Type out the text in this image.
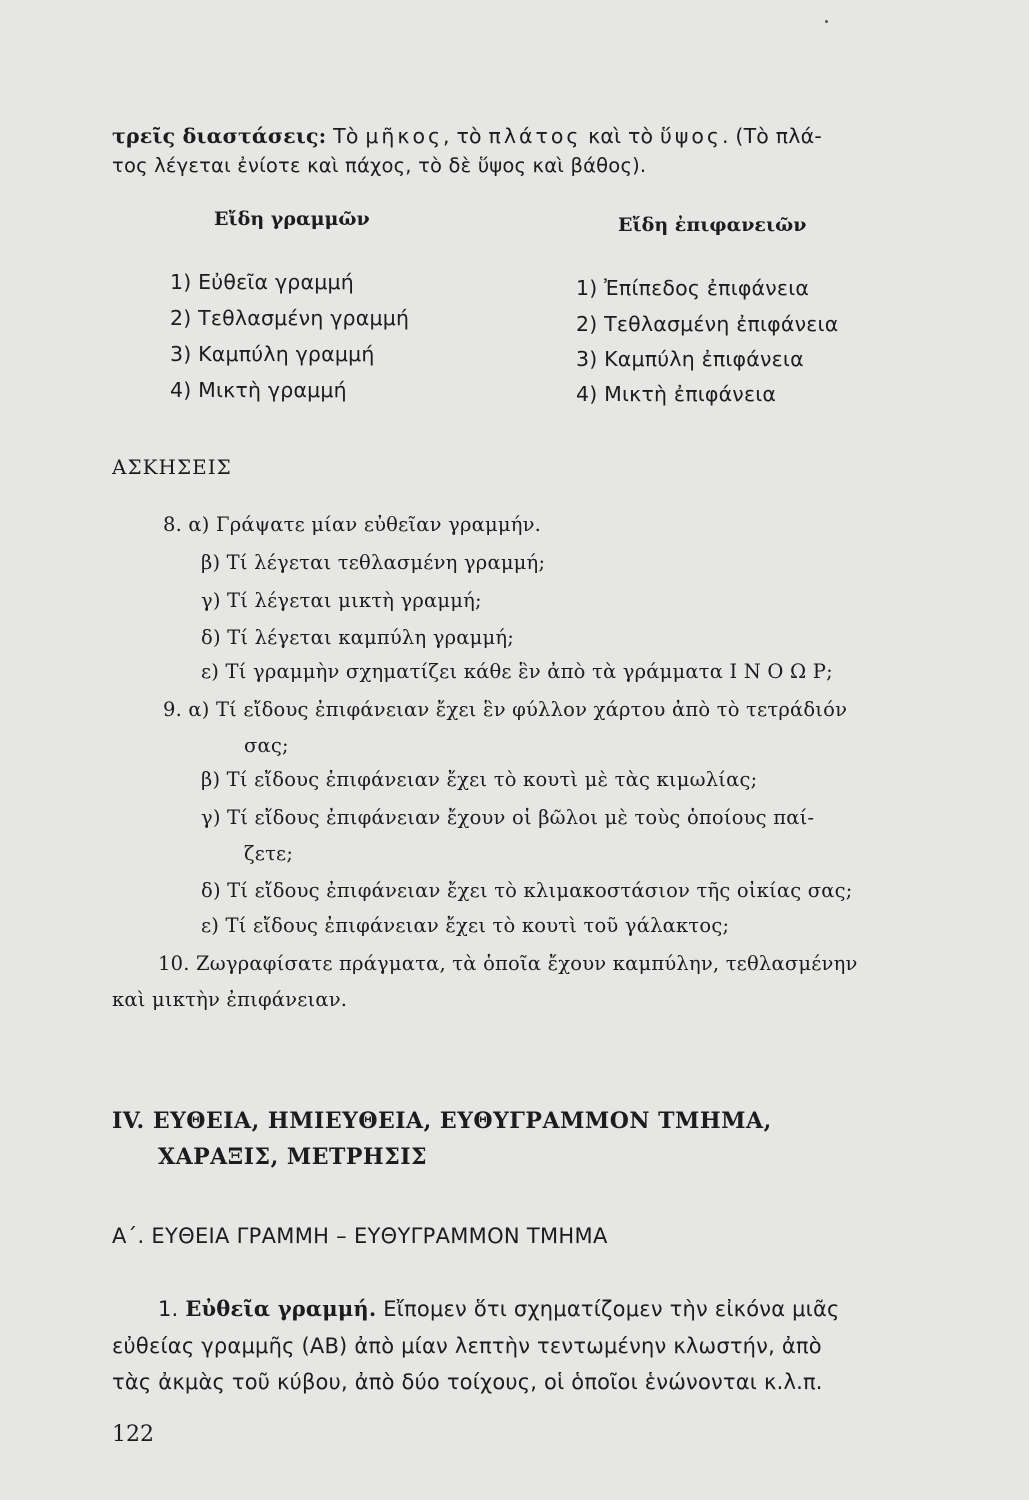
τρεῖς διαστάσεις: Τὸ μῆκος, τὸ πλάτος καὶ τὸ ὕψος. (Τὸ πλά-
τος λέγεται ἐνίοτε καὶ πάχος, τὸ δὲ ὕψος καὶ βάθος).
Εἴδη γραμμῶν	Εἴδη ἐπιφανειῶν
1) Εὐθεῖα γραμμή
2) Τεθλασμένη γραμμή
3) Καμπύλη γραμμή
4) Μικτὴ γραμμή
1) Ἐπίπεδος ἐπιφάνεια
2) Τεθλασμένη ἐπιφάνεια
3) Καμπύλη ἐπιφάνεια
4) Μικτὴ ἐπιφάνεια
ΑΣΚΗΣΕΙΣ
8. α) Γράψατε μίαν εὐθεῖαν γραμμήν.
β) Τί λέγεται τεθλασμένη γραμμή;
γ) Τί λέγεται μικτὴ γραμμή;
δ) Τί λέγεται καμπύλη γραμμή;
ε) Τί γραμμὴν σχηματίζει κάθε ἓν ἀπὸ τὰ γράμματα Ι Ν Ο Ω Ρ;
9. α) Τί εἴδους ἐπιφάνειαν ἔχει ἓν φύλλον χάρτου ἀπὸ τὸ τετράδιόν
σας;
β) Τί εἴδους ἐπιφάνειαν ἔχει τὸ κουτὶ μὲ τὰς κιμωλίας;
γ) Τί εἴδους ἐπιφάνειαν ἔχουν οἱ βῶλοι μὲ τοὺς ὁποίους παί-
ζετε;
δ) Τί εἴδους ἐπιφάνειαν ἔχει τὸ κλιμακοστάσιον τῆς οἰκίας σας;
ε) Τί εἴδους ἐπιφάνειαν ἔχει τὸ κουτὶ τοῦ γάλακτος;
10. Ζωγραφίσατε πράγματα, τὰ ὁποῖα ἔχουν καμπύλην, τεθλασμένην
καὶ μικτὴν ἐπιφάνειαν.
IV. ΕΥΘΕΙΑ, ΗΜΙΕΥΘΕΙΑ, ΕΥΘΥΓΡΑΜΜΟΝ ΤΜΗΜΑ,
ΧΑΡΑΞΙΣ, ΜΕΤΡΗΣΙΣ
Α΄. ΕΥΘΕΙΑ ΓΡΑΜΜΗ – ΕΥΘΥΓΡΑΜΜΟΝ ΤΜΗΜΑ
1. Εὐθεῖα γραμμή. Εἴπομεν ὅτι σχηματίζομεν τὴν εἰκόνα μιᾶς
εὐθείας γραμμῆς (ΑΒ) ἀπὸ μίαν λεπτὴν τεντωμένην κλωστήν, ἀπὸ
τὰς ἀκμὰς τοῦ κύβου, ἀπὸ δύο τοίχους, οἱ ὁποῖοι ἑνώνονται κ.λ.π.
122
